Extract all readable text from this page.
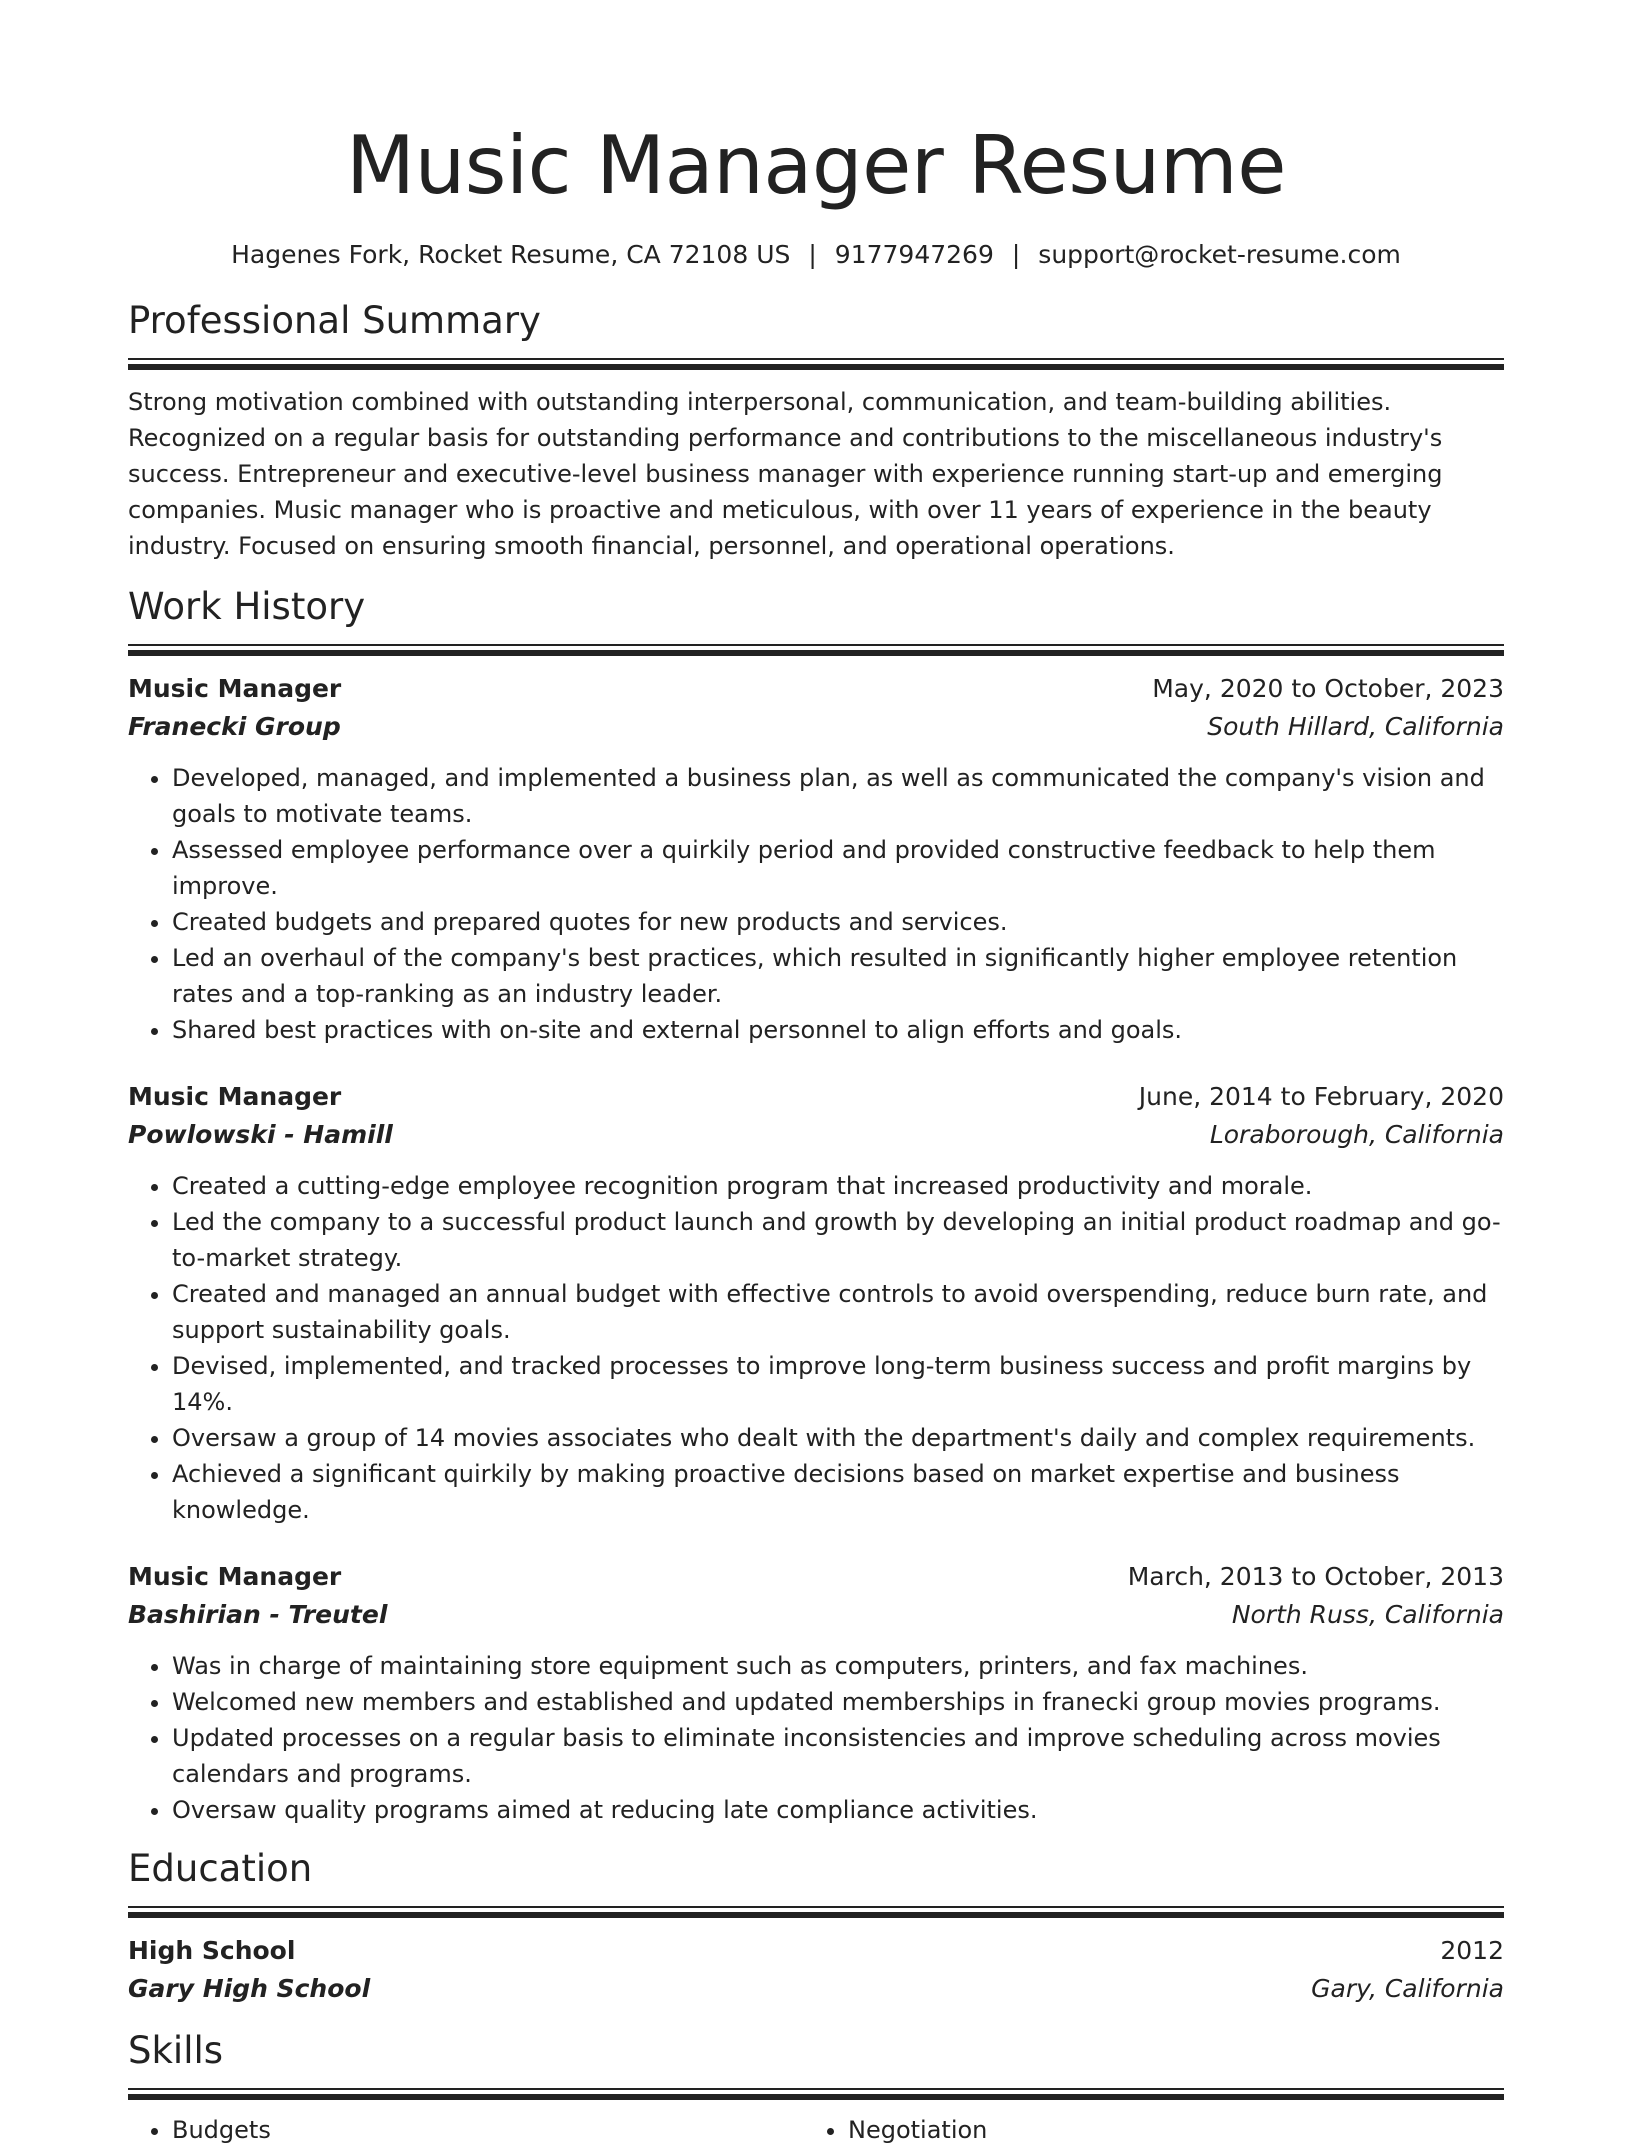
Music Manager Resume
Hagenes Fork, Rocket Resume, CA 72108 US | 9177947269 | support@rocket-resume.com
Professional Summary
Strong motivation combined with outstanding interpersonal, communication, and team-building abilities. Recognized on a regular basis for outstanding performance and contributions to the miscellaneous industry's success. Entrepreneur and executive-level business manager with experience running start-up and emerging companies. Music manager who is proactive and meticulous, with over 11 years of experience in the beauty industry. Focused on ensuring smooth financial, personnel, and operational operations.
Work History
Music Manager	May, 2020 to October, 2023
Franecki Group	South Hillard, California
• Developed, managed, and implemented a business plan, as well as communicated the company's vision and goals to motivate teams.
• Assessed employee performance over a quirkily period and provided constructive feedback to help them improve.
• Created budgets and prepared quotes for new products and services.
• Led an overhaul of the company's best practices, which resulted in significantly higher employee retention rates and a top-ranking as an industry leader.
• Shared best practices with on-site and external personnel to align efforts and goals.
Music Manager	June, 2014 to February, 2020
Powlowski - Hamill	Loraborough, California
• Created a cutting-edge employee recognition program that increased productivity and morale.
• Led the company to a successful product launch and growth by developing an initial product roadmap and go-to-market strategy.
• Created and managed an annual budget with effective controls to avoid overspending, reduce burn rate, and support sustainability goals.
• Devised, implemented, and tracked processes to improve long-term business success and profit margins by 14%.
• Oversaw a group of 14 movies associates who dealt with the department's daily and complex requirements.
• Achieved a significant quirkily by making proactive decisions based on market expertise and business knowledge.
Music Manager	March, 2013 to October, 2013
Bashirian - Treutel	North Russ, California
• Was in charge of maintaining store equipment such as computers, printers, and fax machines.
• Welcomed new members and established and updated memberships in franecki group movies programs.
• Updated processes on a regular basis to eliminate inconsistencies and improve scheduling across movies calendars and programs.
• Oversaw quality programs aimed at reducing late compliance activities.
Education
High School	2012
Gary High School	Gary, California
Skills
• Budgets
•	Negotiation
